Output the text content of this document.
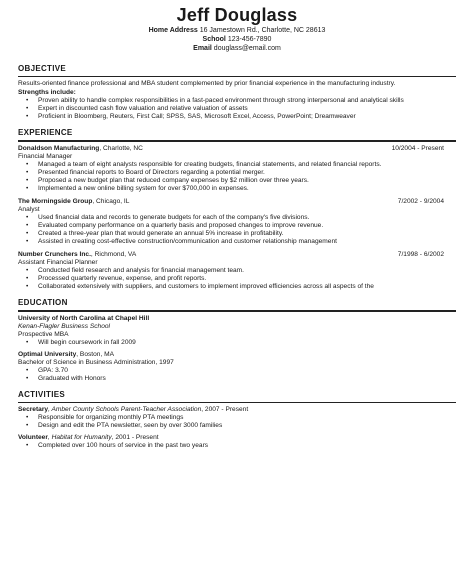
Jeff Douglass
Home Address 16 Jamestown Rd., Charlotte, NC 28613
School 123-456-7890
Email douglass@email.com
OBJECTIVE
Results-oriented finance professional and MBA student complemented by prior financial experience in the manufacturing industry.
Strengths include:
• Proven ability to handle complex responsibilities in a fast-paced environment through strong interpersonal and analytical skills
• Expert in discounted cash flow valuation and relative valuation of assets
• Proficient in Bloomberg, Reuters, First Call; SPSS, SAS, Microsoft Excel, Access, PowerPoint; Dreamweaver
EXPERIENCE
Donaldson Manufacturing, Charlotte, NC	10/2004 - Present
Financial Manager
• Managed a team of eight analysts responsible for creating budgets, financial statements, and related financial reports.
• Presented financial reports to Board of Directors regarding a potential merger.
• Proposed a new budget plan that reduced company expenses by $2 million over three years.
• Implemented a new online billing system for over $700,000 in expenses.
The Morningside Group, Chicago, IL	7/2002 - 9/2004
Analyst
• Used financial data and records to generate budgets for each of the company's five divisions.
• Evaluated company performance on a quarterly basis and proposed changes to improve revenue.
• Created a three-year plan that would generate an annual 5% increase in profitability.
• Assisted in creating cost-effective construction/communication and customer relationship management
Number Crunchers Inc., Richmond, VA	7/1998 - 6/2002
Assistant Financial Planner
• Conducted field research and analysis for financial management team.
• Processed quarterly revenue, expense, and profit reports.
• Collaborated extensively with suppliers, and customers to implement improved efficiencies across all aspects of the
EDUCATION
University of North Carolina at Chapel Hill
Kenan-Flagler Business School
Prospective MBA
• Will begin coursework in fall 2009
Optimal University, Boston, MA
Bachelor of Science in Business Administration, 1997
• GPA: 3.70
• Graduated with Honors
ACTIVITIES
Secretary, Amber County Schools Parent-Teacher Association, 2007 - Present
• Responsible for organizing monthly PTA meetings
• Design and edit the PTA newsletter, seen by over 3000 families
Volunteer, Habitat for Humanity, 2001 - Present
• Completed over 100 hours of service in the past two years
